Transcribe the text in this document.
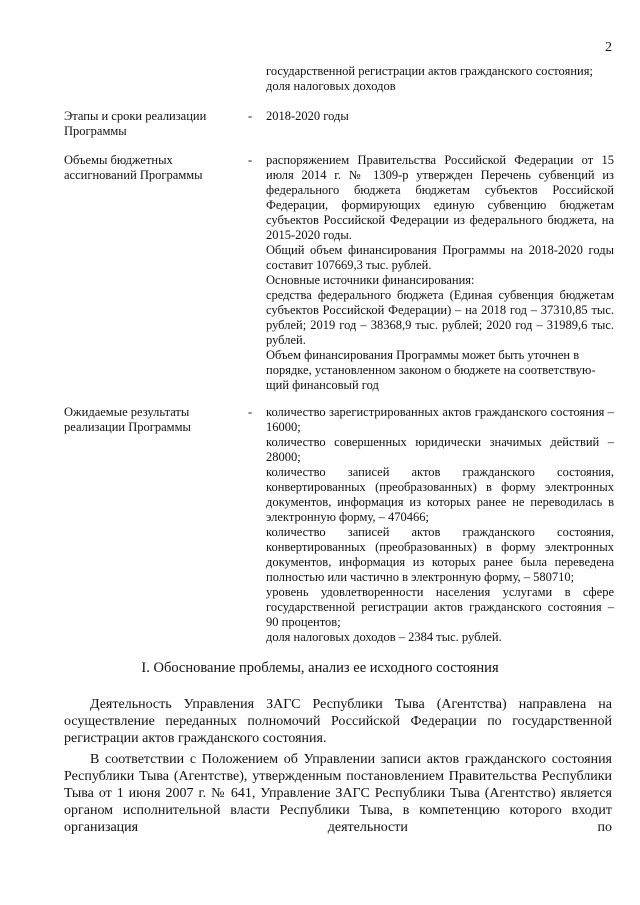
2

государственной регистрации актов гражданского состояния;

доля налоговых доходов

Этапы и сроки реализации Программы
- 2018-2020 годы

Объемы бюджетных ассигнований Программы
- распоряжением Правительства Российской Федерации от 15 июля 2014 г. № 1309-р утвержден Перечень субвенций из федерального бюджета бюджетам субъектов Российской Федерации, формирующих единую субвенцию бюджетам субъектов Российской Федерации из федерального бюджета, на 2015-2020 годы.

Общий объем финансирования Программы на 2018-2020 годы составит 107669,3 тыс. рублей.

Основные источники финансирования:

средства федерального бюджета (Единая субвенция бюджетам субъектов Российской Федерации) – на 2018 год – 37310,85 тыс. рублей; 2019 год – 38368,9 тыс. рублей; 2020 год – 31989,6 тыс. рублей.

Объем финансирования Программы может быть уточнен в порядке, установленном законом о бюджете на соответствую-щий финансовый год

Ожидаемые результаты реализации Программы
- количество зарегистрированных актов гражданского состояния – 16000;

количество совершенных юридически значимых действий – 28000;

количество записей актов гражданского состояния, конвертированных (преобразованных) в форму электронных документов, информация из которых ранее не переводилась в электронную форму, – 470466;

количество записей актов гражданского состояния, конвертированных (преобразованных) в форму электронных документов, информация из которых ранее была переведена полностью или частично в электронную форму, – 580710;

уровень удовлетворенности населения услугами в сфере государственной регистрации актов гражданского состояния – 90 процентов;

доля налоговых доходов – 2384 тыс. рублей.

I. Обоснование проблемы, анализ ее исходного состояния

Деятельность Управления ЗАГС Республики Тыва (Агентства) направлена на осуществление переданных полномочий Российской Федерации по государственной регистрации актов гражданского состояния.

В соответствии с Положением об Управлении записи актов гражданского состояния Республики Тыва (Агентстве), утвержденным постановлением Правительства Республики Тыва от 1 июня 2007 г. № 641, Управление ЗАГС Республики Тыва (Агентство) является органом исполнительной власти Республики Тыва, в компетенцию которого входит организация деятельности по
